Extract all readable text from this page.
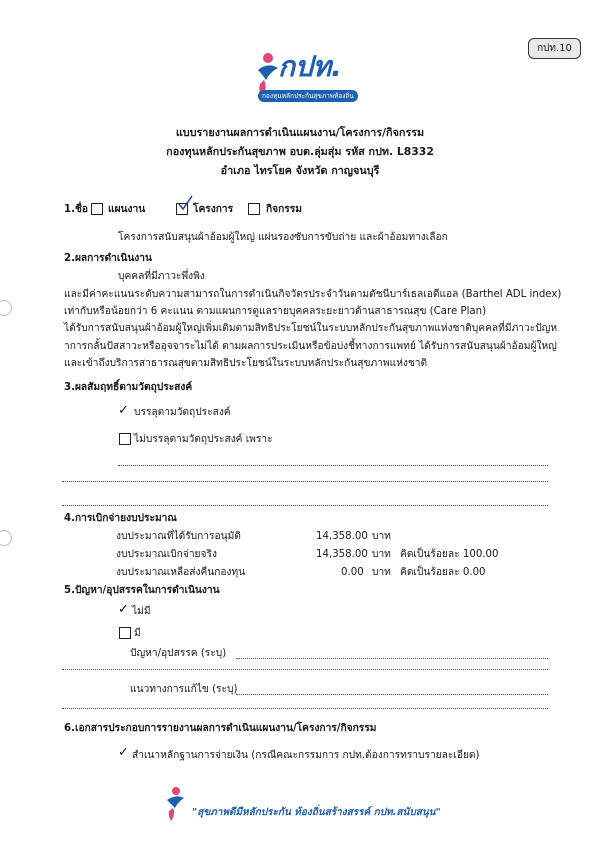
กปท.10
กปท.
กองทุนหลักประกันสุขภาพท้องถิ่น
แบบรายงานผลการดำเนินแผนงาน/โครงการ/กิจกรรม
กองทุนหลักประกันสุขภาพ อบต.ลุ่มสุ่ม รหัส กปท. L8332
อำเภอ ไทรโยค จังหวัด กาญจนบุรี
1.ชื่อ แผนงาน	โครงการ	กิจกรรม
โครงการสนับสนุนผ้าอ้อมผู้ใหญ่ แผ่นรองซับการขับถ่าย และผ้าอ้อมทางเลือก
2.ผลการดำเนินงาน
บุคคลที่มีภาวะพึ่งพิง
และมีค่าคะแนนระดับความสามารถในการดำเนินกิจวัตรประจำวันตามดัชนีบาร์เธลเอดีแอล (Barthel ADL index)
เท่ากับหรือน้อยกว่า 6 คะแนน ตามแผนการดูแลรายบุคคลระยะยาวด้านสาธารณสุข (Care Plan)
ได้รับการสนับสนุนผ้าอ้อมผู้ใหญ่เพิ่มเติมตามสิทธิประโยชน์ในระบบหลักประกันสุขภาพแห่งชาติบุคคลที่มีภาวะปัญห
าการกลั้นปัสสาวะหรืออุจจาระไม่ได้ ตามผลการประเมินหรือข้อบ่งชี้ทางการแพทย์ ได้รับการสนับสนุนผ้าอ้อมผู้ใหญ่
และเข้าถึงบริการสาธารณสุขตามสิทธิประโยชน์ในระบบหลักประกันสุขภาพแห่งชาติ
3.ผลสัมฤทธิ์ตามวัตถุประสงค์
✓ บรรลุตามวัตถุประสงค์
ไม่บรรลุตามวัตถุประสงค์ เพราะ
4.การเบิกจ่ายงบประมาณ
งบประมาณที่ได้รับการอนุมัติ	14,358.00 บาท
งบประมาณเบิกจ่ายจริง	14,358.00 บาท คิดเป็นร้อยละ 100.00
งบประมาณเหลือส่งคืนกองทุน	0.00 บาท คิดเป็นร้อยละ 0.00
5.ปัญหา/อุปสรรคในการดำเนินงาน
✓ ไม่มี
มี
ปัญหา/อุปสรรค (ระบุ)
แนวทางการแก้ไข (ระบุ)
6.เอกสารประกอบการรายงานผลการดำเนินแผนงาน/โครงการ/กิจกรรม
✓ สำเนาหลักฐานการจ่ายเงิน (กรณีคณะกรรมการ กปท.ต้องการทราบรายละเอียด)
"สุขภาพดีมีหลักประกัน ท้องถิ่นสร้างสรรค์ กปท.สนับสนุน"
